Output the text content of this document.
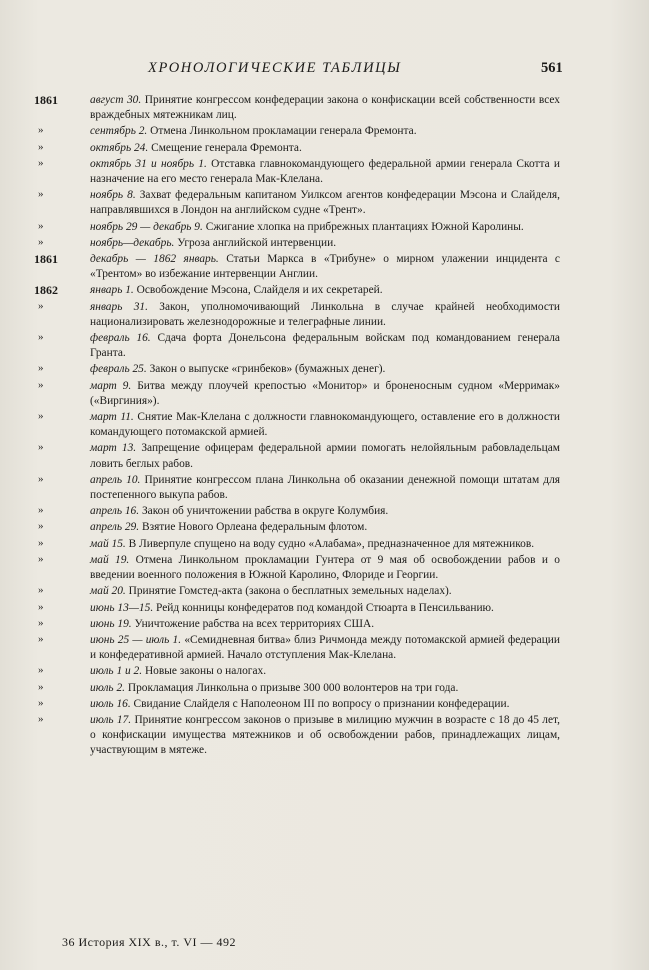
ХРОНОЛОГИЧЕСКИЕ ТАБЛИЦЫ	561
1861	август 30. Принятие конгрессом конфедерации закона о конфискации всей собственности всех враждебных мятежникам лиц.
»	сентябрь 2. Отмена Линкольном прокламации генерала Фремонта.
»	октябрь 24. Смещение генерала Фремонта.
»	октябрь 31 и ноябрь 1. Отставка главнокомандующего федеральной армии генерала Скотта и назначение на его место генерала Мак-Клелана.
»	ноябрь 8. Захват федеральным капитаном Уилксом агентов конфедерации Мэсона и Слайделя, направлявшихся в Лондон на английском судне «Трент».
»	ноябрь 29 — декабрь 9. Сжигание хлопка на прибрежных плантациях Южной Каролины.
»	ноябрь—декабрь. Угроза английской интервенции.
1861	декабрь — 1862 январь. Статьи Маркса в «Трибуне» о мирном улажении инцидента с «Трентом» во избежание интервенции Англии.
1862	январь 1. Освобождение Мэсона, Слайделя и их секретарей.
»	январь 31. Закон, уполномочивающий Линкольна в случае крайней необходимости национализировать железнодорожные и телеграфные линии.
»	февраль 16. Сдача форта Донельсона федеральным войскам под командованием генерала Гранта.
»	февраль 25. Закон о выпуске «гринбеков» (бумажных денег).
»	март 9. Битва между плоучей крепостью «Монитор» и броненосным судном «Мерримак» («Виргиния»).
»	март 11. Снятие Мак-Клелана с должности главнокомандующего, оставление его в должности командующего потомакской армией.
»	март 13. Запрещение офицерам федеральной армии помогать нелойяльным рабовладельцам ловить беглых рабов.
»	апрель 10. Принятие конгрессом плана Линкольна об оказании денежной помощи штатам для постепенного выкупа рабов.
»	апрель 16. Закон об уничтожении рабства в округе Колумбия.
»	апрель 29. Взятие Нового Орлеана федеральным флотом.
»	май 15. В Ливерпуле спущено на воду судно «Алабама», предназначенное для мятежников.
»	май 19. Отмена Линкольном прокламации Гунтера от 9 мая об освобождении рабов и о введении военного положения в Южной Каролино, Флориде и Георгии.
»	май 20. Принятие Гомстед-акта (закона о бесплатных земельных наделах).
»	июнь 13—15. Рейд конницы конфедератов под командой Стюарта в Пенсильванию.
»	июнь 19. Уничтожение рабства на всех территориях США.
»	июнь 25 — июль 1. «Семидневная битва» близ Ричмонда между потомакской армией федерации и конфедеративной армией. Начало отступления Мак-Клелана.
»	июль 1 и 2. Новые законы о налогах.
»	июль 2. Прокламация Линкольна о призыве 300 000 волонтеров на три года.
»	июль 16. Свидание Слайделя с Наполеоном III по вопросу о признании конфедерации.
»	июль 17. Принятие конгрессом законов о призыве в милицию мужчин в возрасте с 18 до 45 лет, о конфискации имущества мятежников и об освобождении рабов, принадлежащих лицам, участвующим в мятеже.
36 История XIX в., т. VI — 492
